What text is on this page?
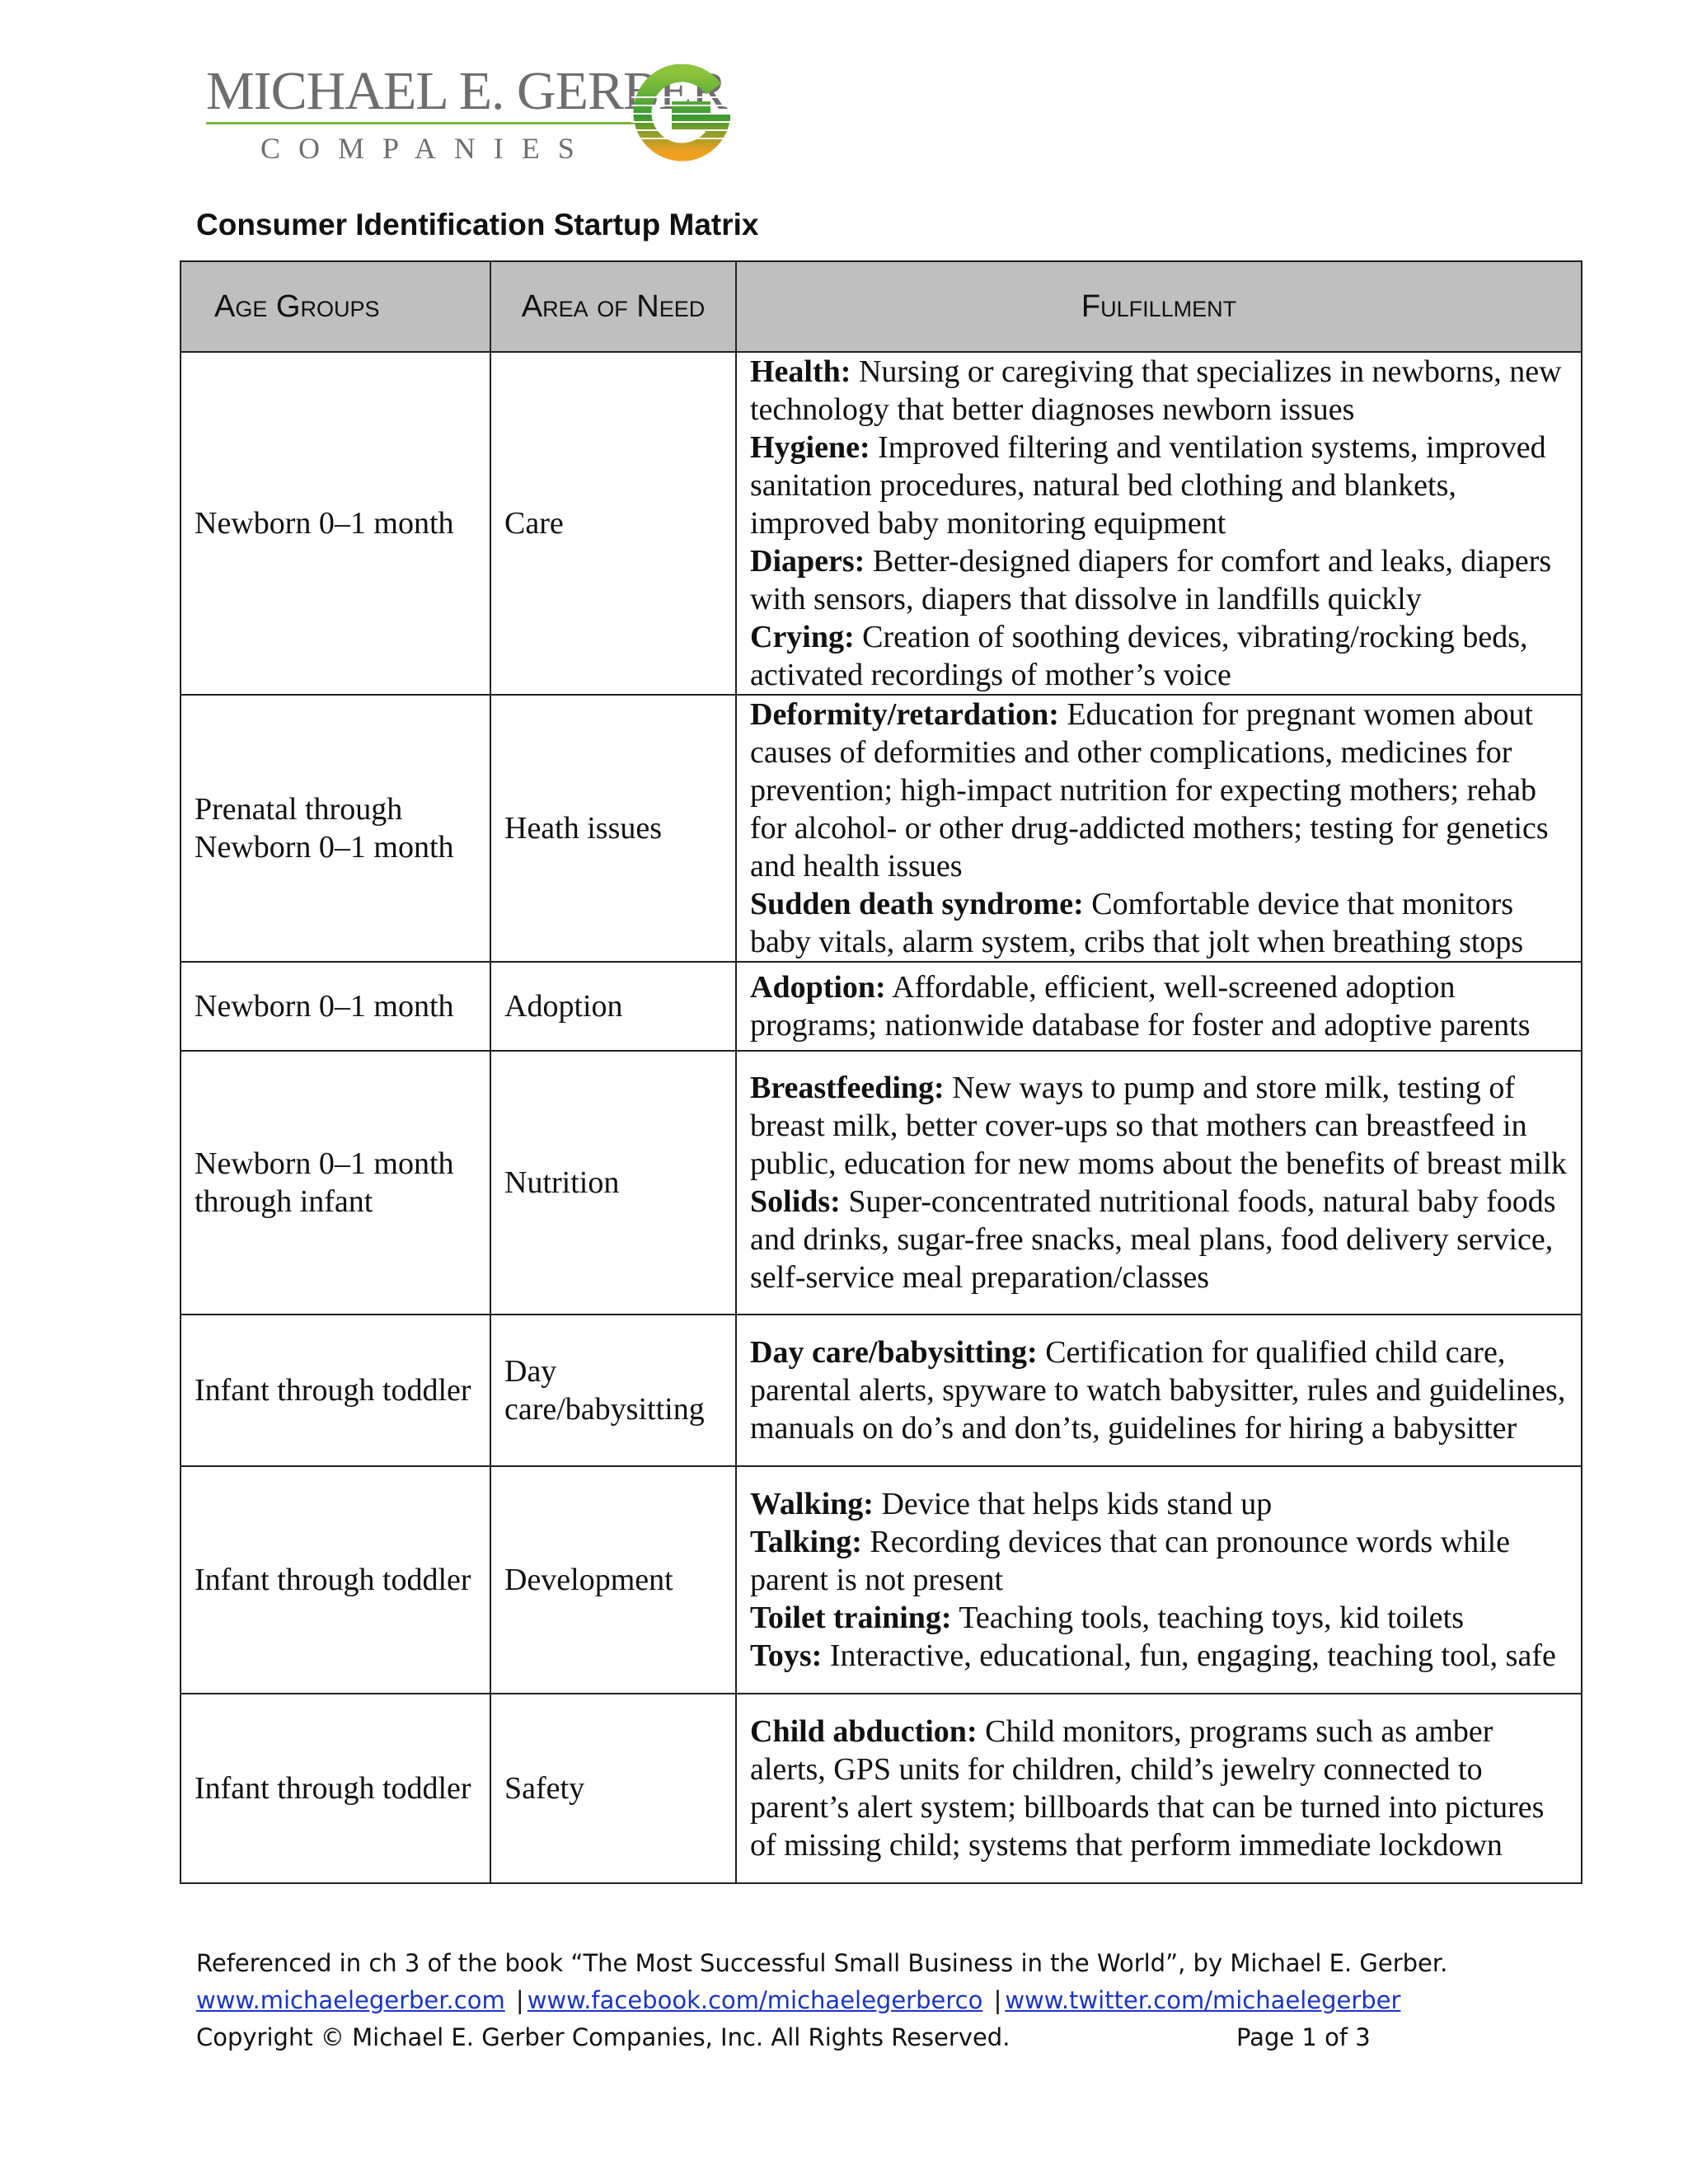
MICHAEL E. GERBER
COMPANIES
Consumer Identification Startup Matrix
Age Groups	Area of Need	Fulfillment
Newborn 0–1 month	Care	Health: Nursing or caregiving that specializes in newborns, new technology that better diagnoses newborn issues
Hygiene: Improved filtering and ventilation systems, improved sanitation procedures, natural bed clothing and blankets, improved baby monitoring equipment
Diapers: Better-designed diapers for comfort and leaks, diapers with sensors, diapers that dissolve in landfills quickly
Crying: Creation of soothing devices, vibrating/rocking beds, activated recordings of mother’s voice

Prenatal through Newborn 0–1 month	Heath issues	Deformity/retardation: Education for pregnant women about causes of deformities and other complications, medicines for prevention; high-impact nutrition for expecting mothers; rehab for alcohol- or other drug-addicted mothers; testing for genetics and health issues
Sudden death syndrome: Comfortable device that monitors baby vitals, alarm system, cribs that jolt when breathing stops

Newborn 0–1 month	Adoption	Adoption: Affordable, efficient, well-screened adoption programs; nationwide database for foster and adoptive parents

Newborn 0–1 month through infant	Nutrition	Breastfeeding: New ways to pump and store milk, testing of breast milk, better cover-ups so that mothers can breastfeed in public, education for new moms about the benefits of breast milk
Solids: Super-concentrated nutritional foods, natural baby foods and drinks, sugar-free snacks, meal plans, food delivery service, self-service meal preparation/classes

Infant through toddler	Day care/babysitting	Day care/babysitting: Certification for qualified child care, parental alerts, spyware to watch babysitter, rules and guidelines, manuals on do’s and don’ts, guidelines for hiring a babysitter

Infant through toddler	Development	Walking: Device that helps kids stand up
Talking: Recording devices that can pronounce words while parent is not present
Toilet training: Teaching tools, teaching toys, kid toilets
Toys: Interactive, educational, fun, engaging, teaching tool, safe

Infant through toddler	Safety	Child abduction: Child monitors, programs such as amber alerts, GPS units for children, child’s jewelry connected to parent’s alert system; billboards that can be turned into pictures of missing child; systems that perform immediate lockdown
Referenced in ch 3 of the book “The Most Successful Small Business in the World”, by Michael E. Gerber.
www.michaelegerber.com | www.facebook.com/michaelegerberco | www.twitter.com/michaelegerber
Copyright © Michael E. Gerber Companies, Inc. All Rights Reserved.	Page 1 of 3
